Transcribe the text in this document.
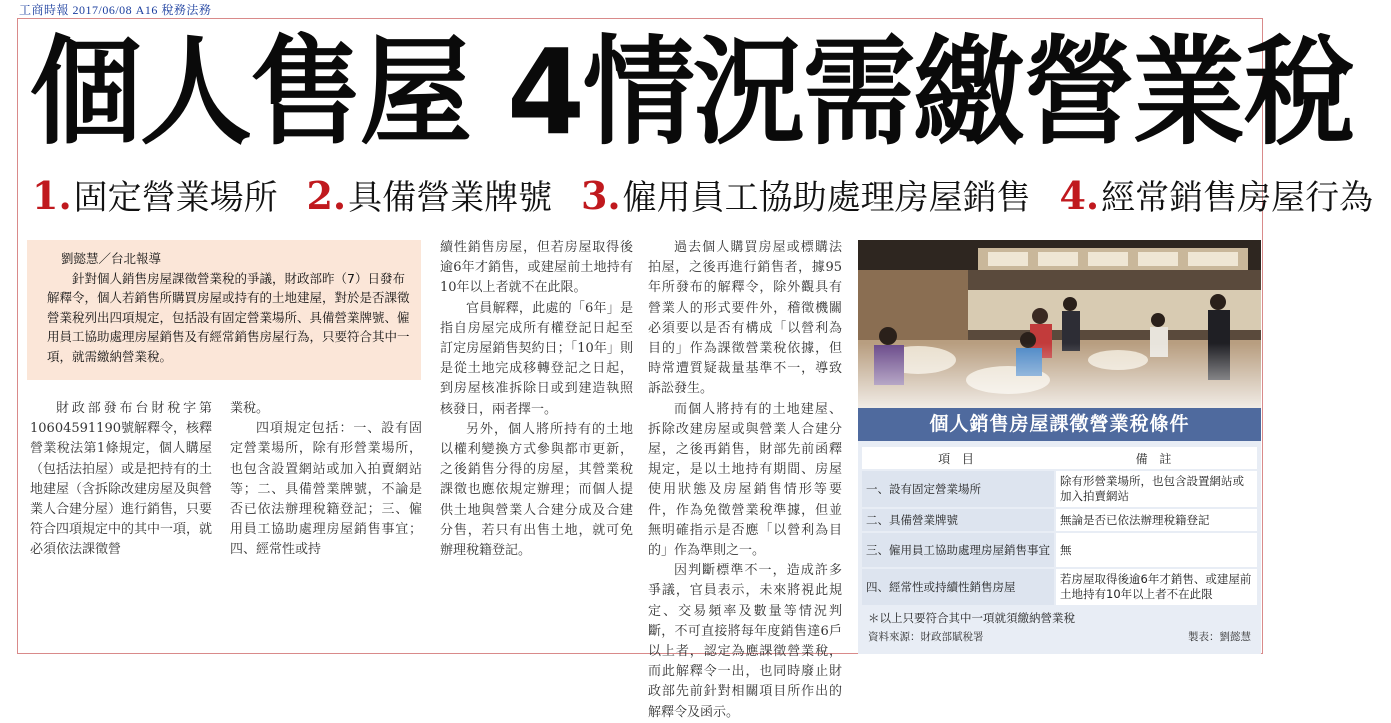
工商時報 2017/06/08 A16 稅務法務
個人售屋 4情況需繳營業稅
1.固定營業場所 2.具備營業牌號 3.僱用員工協助處理房屋銷售 4.經常銷售房屋行為
劉懿慧／台北報導
針對個人銷售房屋課徵營業稅的爭議，財政部昨（7）日發布解釋令，個人若銷售所購買房屋或持有的土地建屋，對於是否課徵營業稅列出四項規定，包括設有固定營業場所、具備營業牌號、僱用員工協助處理房屋銷售及有經常銷售房屋行為，只要符合其中一項，就需繳納營業稅。

財政部發布台財稅字第10604591190號解釋令，核釋營業稅法第1條規定，個人購屋（包括法拍屋）或是把持有的土地建屋（含拆除改建房屋及與營業人合建分屋）進行銷售，只要符合四項規定中的其中一項，就必須依法課徵營

業稅。

四項規定包括：一、設有固定營業場所，除有形營業場所，也包含設置網站或加入拍賣網站等；二、具備營業牌號，不論是否已依法辦理稅籍登記；三、僱用員工協助處理房屋銷售事宜；四、經常性或持

續性銷售房屋，但若房屋取得後逾6年才銷售，或建屋前土地持有10年以上者就不在此限。

官員解釋，此處的「6年」是指自房屋完成所有權登記日起至訂定房屋銷售契約日；「10年」則是從土地完成移轉登記之日起，到房屋核准拆除日或到建造執照核發日，兩者擇一。

另外，個人將所持有的土地以權利變換方式參與都市更新，之後銷售分得的房屋，其營業稅課徵也應依規定辦理；而個人提供土地與營業人合建分成及合建分售，若只有出售土地，就可免辦理稅籍登記。

過去個人購買房屋或標購法拍屋，之後再進行銷售者，據95年所發布的解釋令，除外觀具有營業人的形式要件外，稽徵機關必須要以是否有構成「以營利為目的」作為課徵營業稅依據，但時常遭質疑裁量基準不一，導致訴訟發生。

而個人將持有的土地建屋、拆除改建房屋或與營業人合建分屋，之後再銷售，財部先前函釋規定，是以土地持有期間、房屋使用狀態及房屋銷售情形等要件，作為免徵營業稅準據，但並無明確指示是否應「以營利為目的」作為準則之一。

因判斷標準不一，造成許多爭議，官員表示，未來將視此規定、交易頻率及數量等情況判斷，不可直接將每年度銷售達6戶以上者，認定為應課徵營業稅，而此解釋令一出，也同時廢止財政部先前針對相關項目所作出的解釋令及函示。

個人銷售房屋課徵營業稅條件
項 目	備 註
一、設有固定營業場所	除有形營業場所，也包含設置網站或加入拍賣網站
二、具備營業牌號	無論是否已依法辦理稅籍登記
三、僱用員工協助處理房屋銷售事宜	無
四、經常性或持續性銷售房屋	若房屋取得後逾6年才銷售、或建屋前土地持有10年以上者不在此限
＊以上只要符合其中一項就須繳納營業稅
資料來源：財政部賦稅署	製表：劉懿慧
